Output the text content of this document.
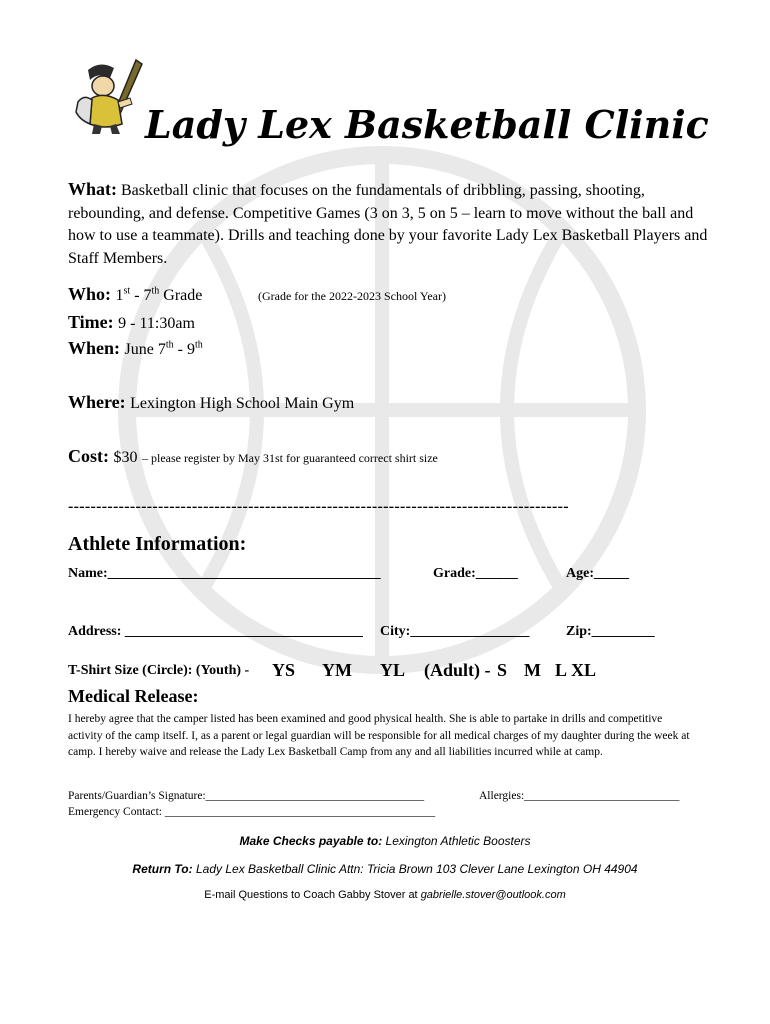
Lady Lex Basketball Clinic
What: Basketball clinic that focuses on the fundamentals of dribbling, passing, shooting, rebounding, and defense. Competitive Games (3 on 3, 5 on 5 – learn to move without the ball and how to use a teammate). Drills and teaching done by your favorite Lady Lex Basketball Players and Staff Members.
Who: 1st - 7th Grade	(Grade for the 2022-2023 School Year)
Time: 9 - 11:30am
When: June 7th - 9th
Where: Lexington High School Main Gym
Cost: $30 – please register by May 31st for guaranteed correct shirt size
-----------------------------------------------------------------------------------------
Athlete Information:
Name:_______________________________________	Grade:______	Age:_____
Address: __________________________________ City:_________________	Zip:_________
T-Shirt Size (Circle): (Youth) - YS YM YL (Adult) - S M L XL
Medical Release:
I hereby agree that the camper listed has been examined and good physical health. She is able to partake in drills and competitive activity of the camp itself. I, as a parent or legal guardian will be responsible for all medical charges of my daughter during the week at camp. I hereby waive and release the Lady Lex Basketball Camp from any and all liabilities incurred while at camp.
Parents/Guardian’s Signature:______________________________________	Allergies:___________________________
Emergency Contact: _______________________________________________
Make Checks payable to: Lexington Athletic Boosters
Return To: Lady Lex Basketball Clinic Attn: Tricia Brown 103 Clever Lane Lexington OH 44904
E-mail Questions to Coach Gabby Stover at gabrielle.stover@outlook.com
